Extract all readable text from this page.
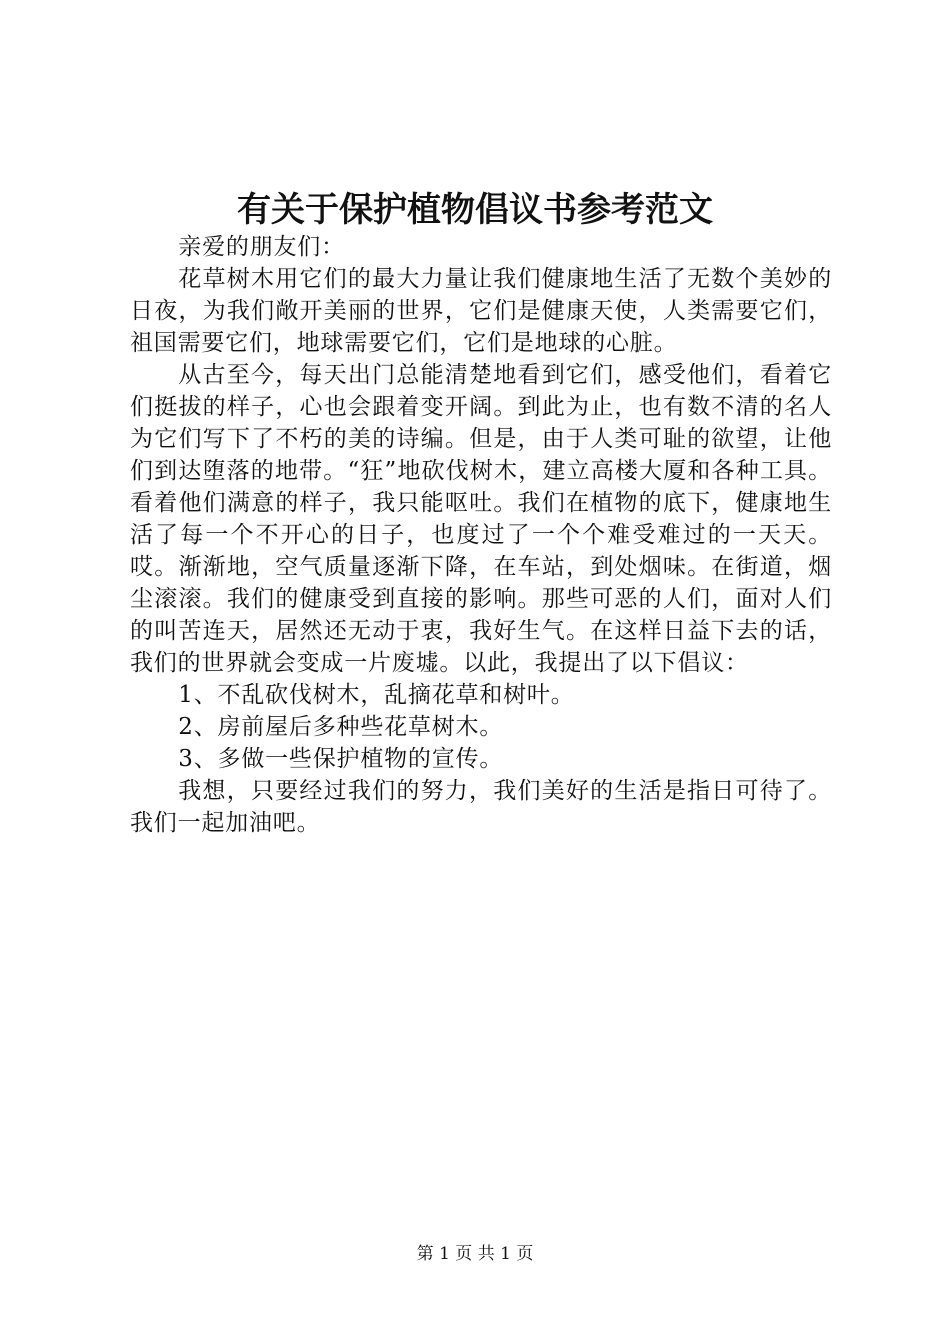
有关于保护植物倡议书参考范文

亲爱的朋友们：

花草树木用它们的最大力量让我们健康地生活了无数个美妙的日夜，为我们敞开美丽的世界，它们是健康天使，人类需要它们，祖国需要它们，地球需要它们，它们是地球的心脏。

从古至今，每天出门总能清楚地看到它们，感受他们，看着它们挺拔的样子，心也会跟着变开阔。到此为止，也有数不清的名人为它们写下了不朽的美的诗编。但是，由于人类可耻的欲望，让他们到达堕落的地带。“狂”地砍伐树木，建立高楼大厦和各种工具。看着他们满意的样子，我只能呕吐。我们在植物的底下，健康地生活了每一个不开心的日子，也度过了一个个难受难过的一天天。哎。渐渐地，空气质量逐渐下降，在车站，到处烟味。在街道，烟尘滚滚。我们的健康受到直接的影响。那些可恶的人们，面对人们的叫苦连天，居然还无动于衷，我好生气。在这样日益下去的话，我们的世界就会变成一片废墟。以此，我提出了以下倡议：

1、不乱砍伐树木，乱摘花草和树叶。

2、房前屋后多种些花草树木。

3、多做一些保护植物的宣传。

我想，只要经过我们的努力，我们美好的生活是指日可待了。我们一起加油吧。

第 1 页 共 1 页
